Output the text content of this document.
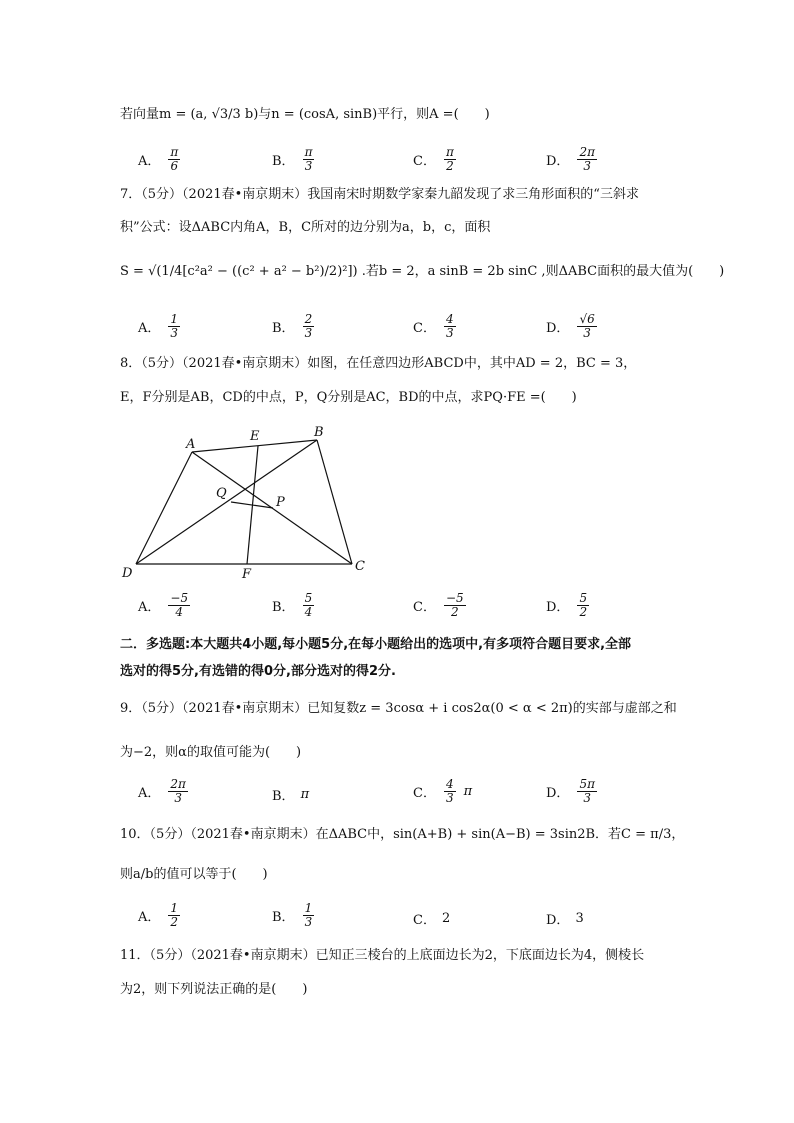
若向量m = (a, √3/3 b)与n = (cosA, sinB)平行，则A =(　　)
A． $\frac{\pi}{6}$	B． $\frac{\pi}{3}$	C． $\frac{\pi}{2}$	D． $\frac{2\pi}{3}$
7．（5分）（2021春•南京期末）我国南宋时期数学家秦九韶发现了求三角形面积的“三斜求
积”公式：设ΔABC内角A，B，C所对的边分别为a，b，c，面积
S = √(1/4[c²a² − ((c² + a² − b²)/2)²]) .若b = 2，a sinB = 2b sinC ,则ΔABC面积的最大值为(　　)
A． $\frac{1}{3}$	B． $\frac{2}{3}$	C． $\frac{4}{3}$	D． $\frac{√6}{3}$
8．（5分）（2021春•南京期末）如图，在任意四边形ABCD中，其中AD = 2，BC = 3，
E，F分别是AB，CD的中点，P，Q分别是AC，BD的中点，求PQ·FE =(　　)
A
E	B
Q
P
D	F
C
A． $\frac{-5}{4}$	B． $\frac{5}{4}$	C． $\frac{-5}{2}$	D． $\frac{5}{2}$
二．多选题:本大题共4小题,每小题5分,在每小题给出的选项中,有多项符合题目要求,全部
选对的得5分,有选错的得0分,部分选对的得2分.
9．（5分）（2021春•南京期末）已知复数z = 3cosα + i cos2α(0 < α < 2π)的实部与虚部之和
为−2，则α的取值可能为(　　)
A． $\frac{2\pi}{3}$	B． π	C． $\frac{4}{3}$ π	D． $\frac{5\pi}{3}$
10．（5分）（2021春•南京期末）在ΔABC中，sin(A+B) + sin(A−B) = 3sin2B．若C = π/3，
则a/b的值可以等于(　　)
A． $\frac{1}{2}$	B． $\frac{1}{3}$	C． 2	D． 3
11．（5分）（2021春•南京期末）已知正三棱台的上底面边长为2，下底面边长为4，侧棱长
为2，则下列说法正确的是(　　)
